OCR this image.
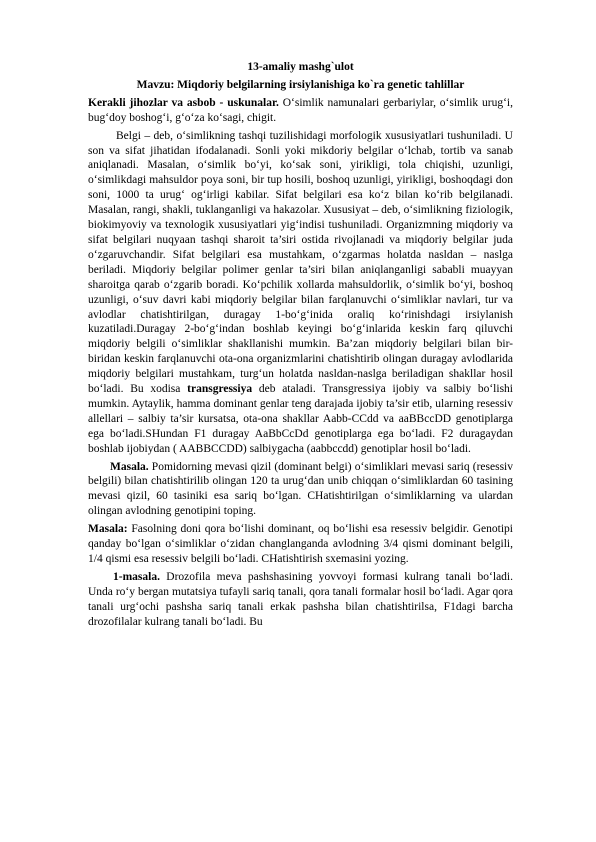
13-amaliy mashg`ulot

Mavzu: Miqdoriy belgilarning irsiylanishiga ko`ra genetic tahlillar

Kerakli jihozlar va asbob - uskunalar. O‘simlik namunalari gerbariylar, o‘simlik urug‘i, bug‘doy boshog‘i, g‘o‘za ko‘sagi, chigit.

Belgi – deb, o‘simlikning tashqi tuzilishidagi morfologik xususiyatlari tushuniladi. U son va sifat jihatidan ifodalanadi. Sonli yoki mikdoriy belgilar o‘lchab, tortib va sanab aniqlanadi. Masalan, o‘simlik bo‘yi, ko‘sak soni, yirikligi, tola chiqishi, uzunligi, o‘simlikdagi mahsuldor poya soni, bir tup hosili, boshoq uzunligi, yirikligi, boshoqdagi don soni, 1000 ta urug‘ og‘irligi kabilar. Sifat belgilari esa ko‘z bilan ko‘rib belgilanadi. Masalan, rangi, shakli, tuklanganligi va hakazolar. Xususiyat – deb, o‘simlikning fiziologik, biokimyoviy va texnologik xususiyatlari yig‘indisi tushuniladi. Organizmning miqdoriy va sifat belgilari nuqyaan tashqi sharoit ta’siri ostida rivojlanadi va miqdoriy belgilar juda o‘zgaruvchandir. Sifat belgilari esa mustahkam, o‘zgarmas holatda nasldan – naslga beriladi. Miqdoriy belgilar polimer genlar ta’siri bilan aniqlanganligi sababli muayyan sharoitga qarab o‘zgarib boradi. Ko‘pchilik xollarda mahsuldorlik, o‘simlik bo‘yi, boshoq uzunligi, o‘suv davri kabi miqdoriy belgilar bilan farqlanuvchi o‘simliklar navlari, tur va avlodlar chatishtirilgan, duragay 1-bo‘g‘inida oraliq ko‘rinishdagi irsiylanish kuzatiladi.Duragay 2-bo‘g‘indan boshlab keyingi bo‘g‘inlarida keskin farq qiluvchi miqdoriy belgili o‘simliklar shakllanishi mumkin. Ba’zan miqdoriy belgilari bilan bir-biridan keskin farqlanuvchi ota-ona organizmlarini chatishtirib olingan duragay avlodlarida miqdoriy belgilari mustahkam, turg‘un holatda nasldan-naslga beriladigan shakllar hosil bo‘ladi. Bu xodisa transgressiya deb ataladi. Transgressiya ijobiy va salbiy bo‘lishi mumkin. Aytaylik, hamma dominant genlar teng darajada ijobiy ta’sir etib, ularning resessiv allellari – salbiy ta’sir kursatsa, ota-ona shakllar Aabb-CCdd va aaBBccDD genotiplarga ega bo‘ladi.SHundan F1 duragay AaBbCcDd genotiplarga ega bo‘ladi. F2 duragaydan boshlab ijobiydan ( AABBCCDD) salbiygacha (aabbccdd) genotiplar hosil bo‘ladi.

Masala. Pomidorning mevasi qizil (dominant belgi) o‘simliklari mevasi sariq (resessiv belgili) bilan chatishtirilib olingan 120 ta urug‘dan unib chiqqan o‘simliklardan 60 tasining mevasi qizil, 60 tasiniki esa sariq bo‘lgan. CHatishtirilgan o‘simliklarning va ulardan olingan avlodning genotipini toping.

Masala: Fasolning doni qora bo‘lishi dominant, oq bo‘lishi esa resessiv belgidir. Genotipi qanday bo‘lgan o‘simliklar o‘zidan changlanganda avlodning 3/4 qismi dominant belgili, 1/4 qismi esa resessiv belgili bo‘ladi. CHatishtirish sxemasini yozing.

1-masala. Drozofila meva pashshasining yovvoyi formasi kulrang tanali bo‘ladi. Unda ro‘y bergan mutatsiya tufayli sariq tanali, qora tanali formalar hosil bo‘ladi. Agar qora tanali urg‘ochi pashsha sariq tanali erkak pashsha bilan chatishtirilsa, F1dagi barcha drozofilalar kulrang tanali bo‘ladi. Bu
